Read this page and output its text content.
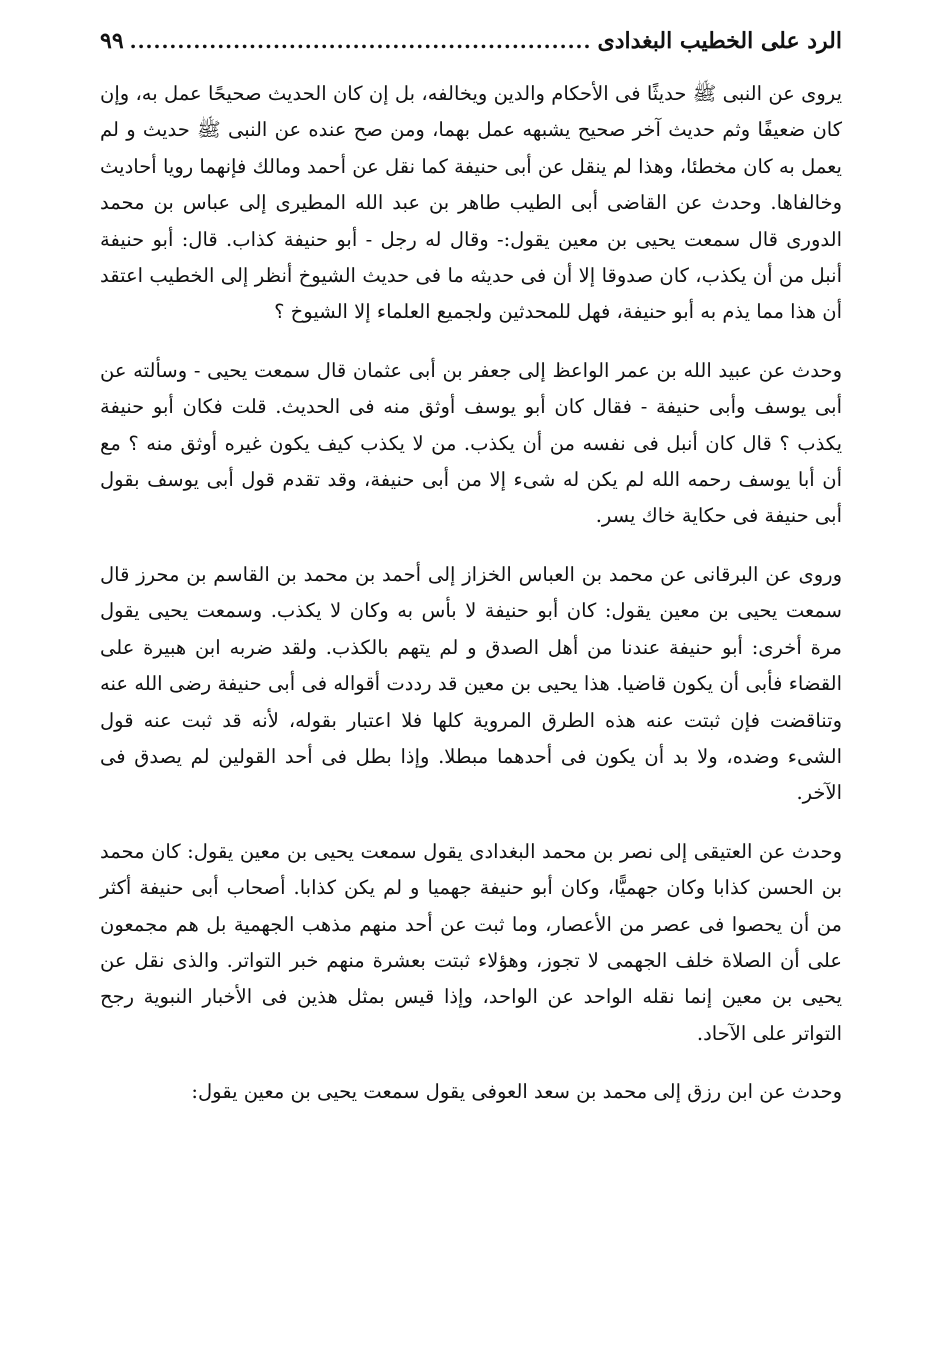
الرد على الخطيب البغدادى
.....
٩٩

يروى عن النبى ﷺ حديثًا فى الأحكام والدين ويخالفه، بل إن كان الحديث صحيحًا عمل به، وإن كان ضعيفًا وثم حديث آخر صحيح يشبهه عمل بهما، ومن صح عنده عن النبى ﷺ حديث و لم يعمل به كان مخطئا، وهذا لم ينقل عن أبى حنيفة كما نقل عن أحمد ومالك فإنهما رويا أحاديث وخالفاها. وحدث عن القاضى أبى الطيب طاهر بن عبد الله المطيرى إلى عباس بن محمد الدورى قال سمعت يحيى بن معين يقول:- وقال له رجل - أبو حنيفة كذاب. قال: أبو حنيفة أنبل من أن يكذب، كان صدوقا إلا أن فى حديثه ما فى حديث الشيوخ أنظر إلى الخطيب اعتقد أن هذا مما يذم به أبو حنيفة، فهل للمحدثين ولجميع العلماء إلا الشيوخ ؟

وحدث عن عبيد الله بن عمر الواعظ إلى جعفر بن أبى عثمان قال سمعت يحيى - وسألته عن أبى يوسف وأبى حنيفة - فقال كان أبو يوسف أوثق منه فى الحديث. قلت فكان أبو حنيفة يكذب ؟ قال كان أنبل فى نفسه من أن يكذب. من لا يكذب كيف يكون غيره أوثق منه ؟ مع أن أبا يوسف رحمه الله لم يكن له شىء إلا من أبى حنيفة، وقد تقدم قول أبى يوسف بقول أبى حنيفة فى حكاية خاك يسر.

وروى عن البرقانى عن محمد بن العباس الخزاز إلى أحمد بن محمد بن القاسم بن محرز قال سمعت يحيى بن معين يقول: كان أبو حنيفة لا بأس به وكان لا يكذب. وسمعت يحيى يقول مرة أخرى: أبو حنيفة عندنا من أهل الصدق و لم يتهم بالكذب. ولقد ضربه ابن هبيرة على القضاء فأبى أن يكون قاضيا. هذا يحيى بن معين قد رددت أقواله فى أبى حنيفة رضى الله عنه وتناقضت فإن ثبتت عنه هذه الطرق المروية كلها فلا اعتبار بقوله، لأنه قد ثبت عنه قول الشىء وضده، ولا بد أن يكون فى أحدهما مبطلا. وإذا بطل فى أحد القولين لم يصدق فى الآخر.

وحدث عن العتيقى إلى نصر بن محمد البغدادى يقول سمعت يحيى بن معين يقول: كان محمد بن الحسن كذابا وكان جهميًّا، وكان أبو حنيفة جهميا و لم يكن كذابا. أصحاب أبى حنيفة أكثر من أن يحصوا فى عصر من الأعصار، وما ثبت عن أحد منهم مذهب الجهمية بل هم مجمعون على أن الصلاة خلف الجهمى لا تجوز، وهؤلاء ثبتت بعشرة منهم خبر التواتر. والذى نقل عن يحيى بن معين إنما نقله الواحد عن الواحد، وإذا قيس بمثل هذين فى الأخبار النبوية رجح التواتر على الآحاد.

وحدث عن ابن رزق إلى محمد بن سعد العوفى يقول سمعت يحيى بن معين يقول:
